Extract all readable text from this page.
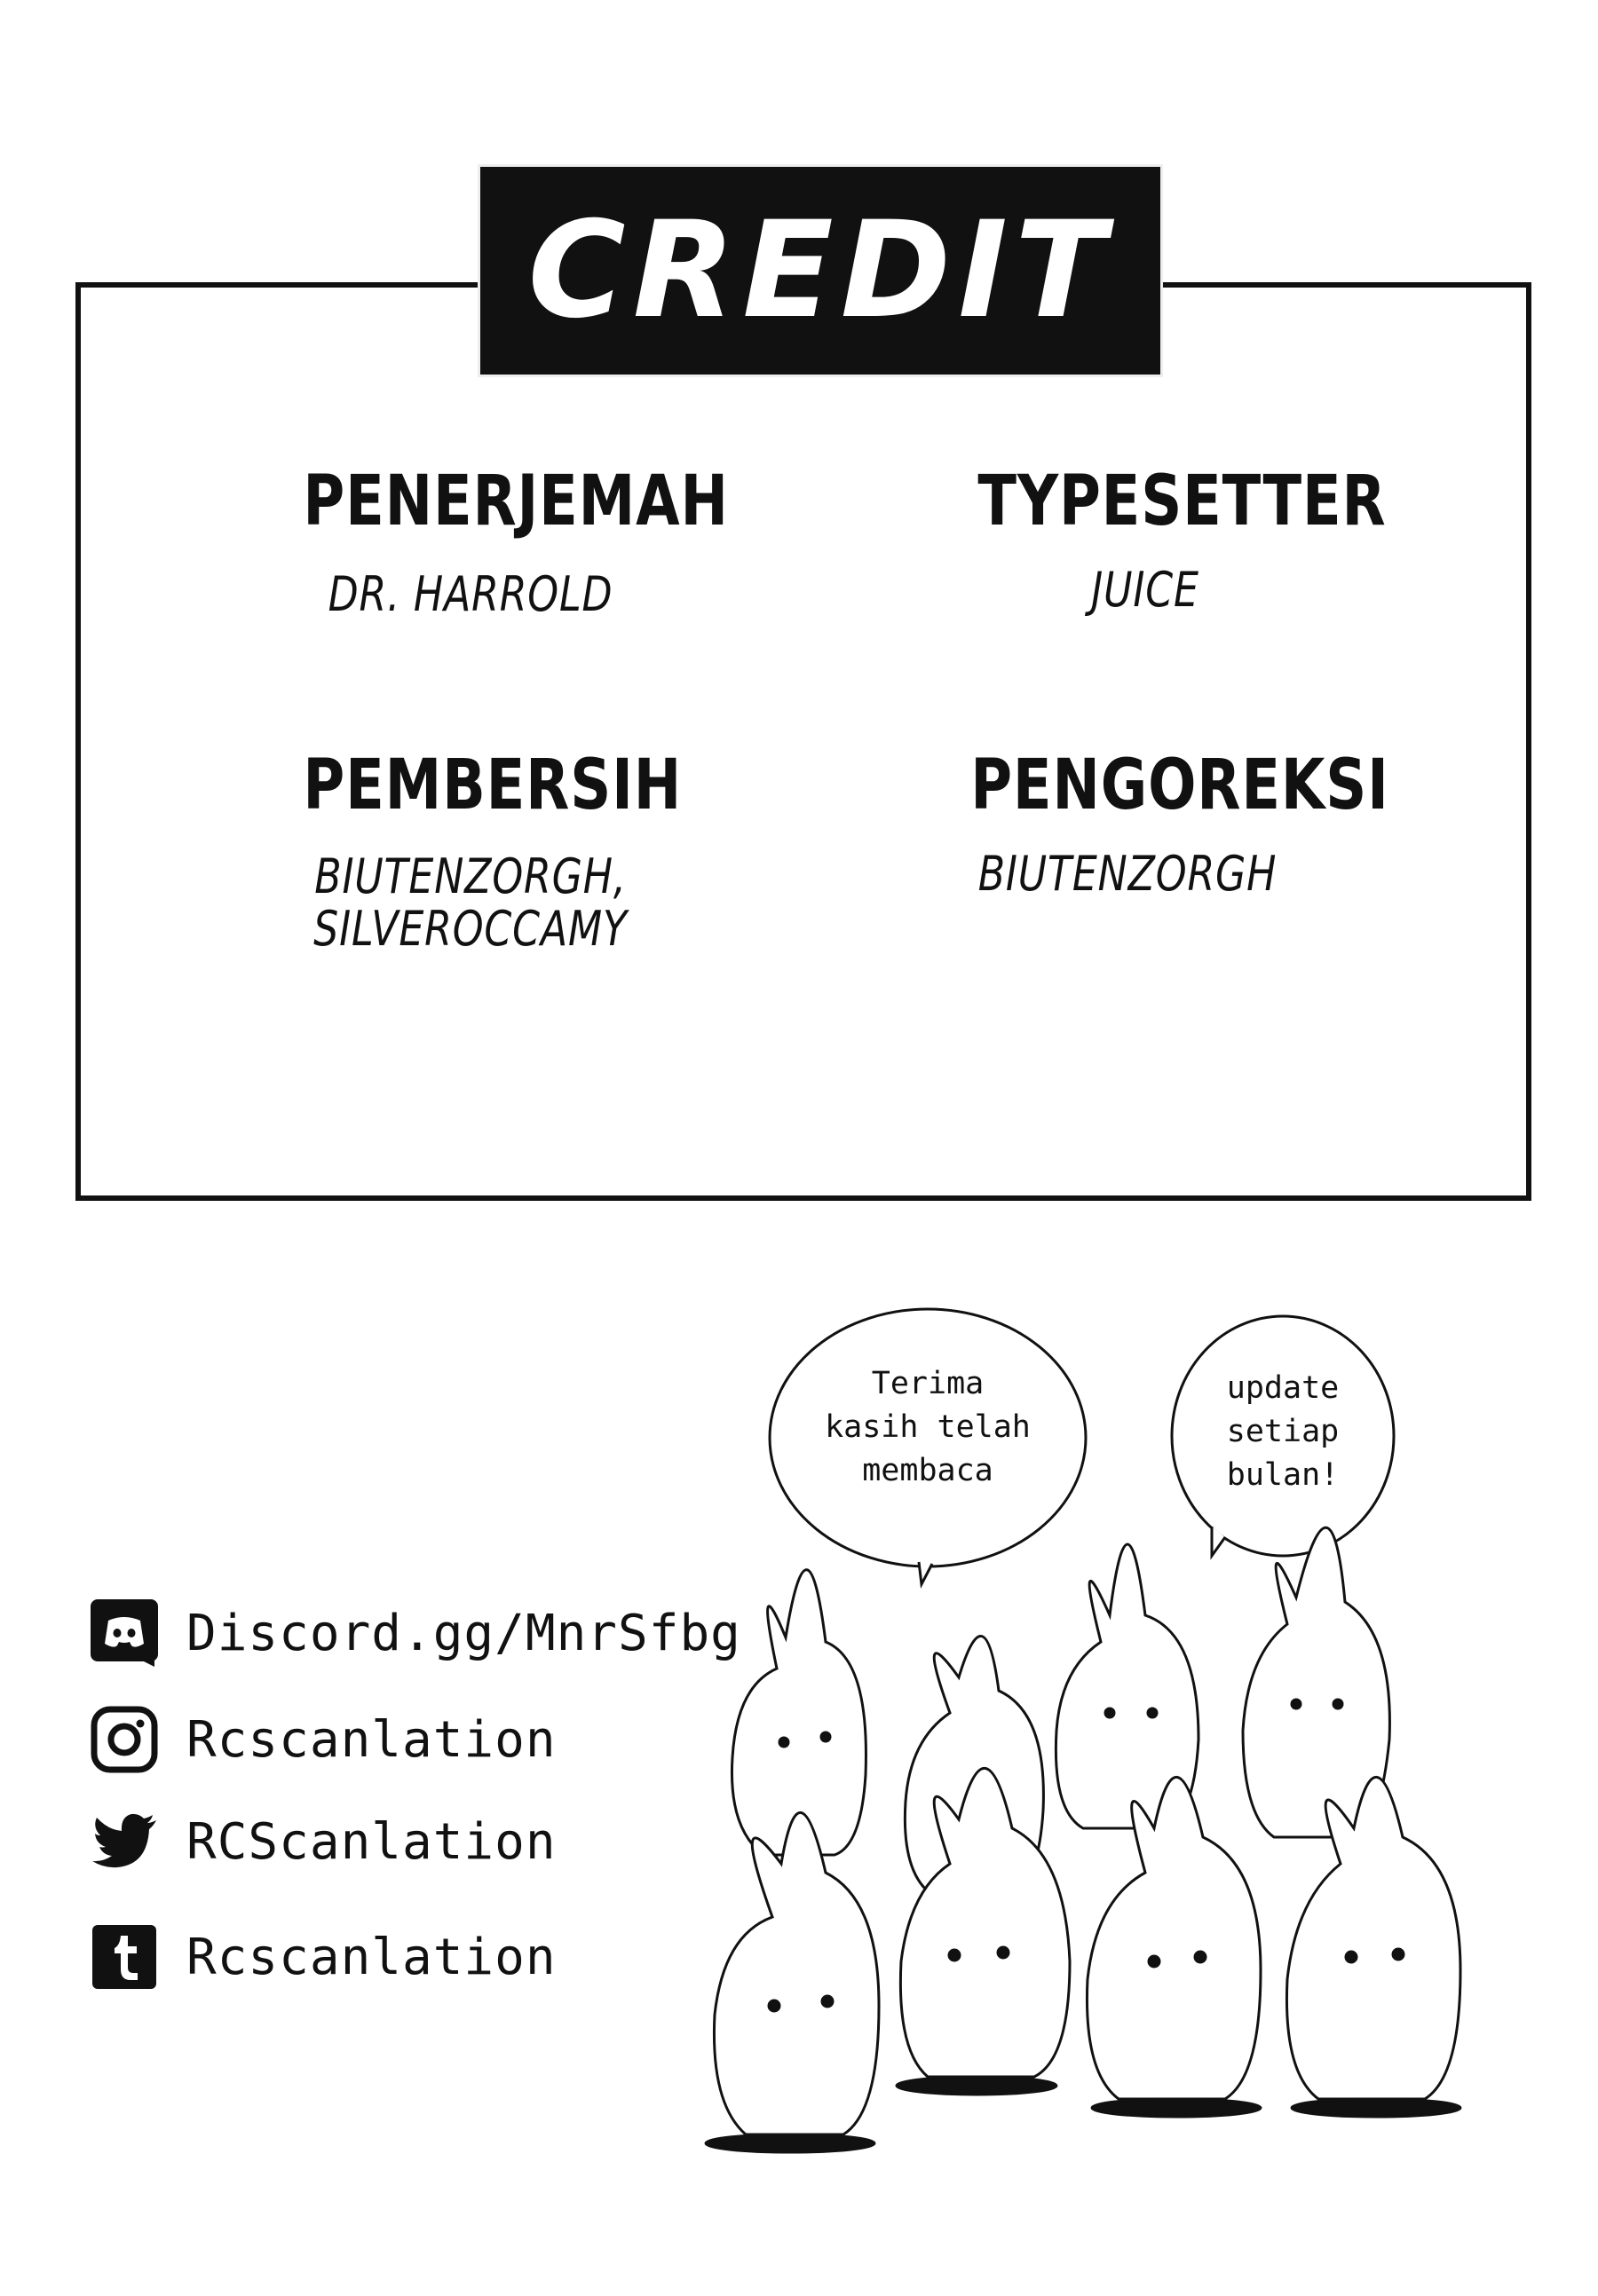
CREDIT
PENERJEMAH
DR. HARROLD
TYPESETTER
JUICE
PEMBERSIH
BIUTENZORGH,
SILVEROCCAMY
PENGOREKSI
BIUTENZORGH
Discord.gg/MnrSfbg
Rcscanlation
RCScanlation
Rcscanlation
Terima
kasih telah
membaca
update
setiap
bulan!
